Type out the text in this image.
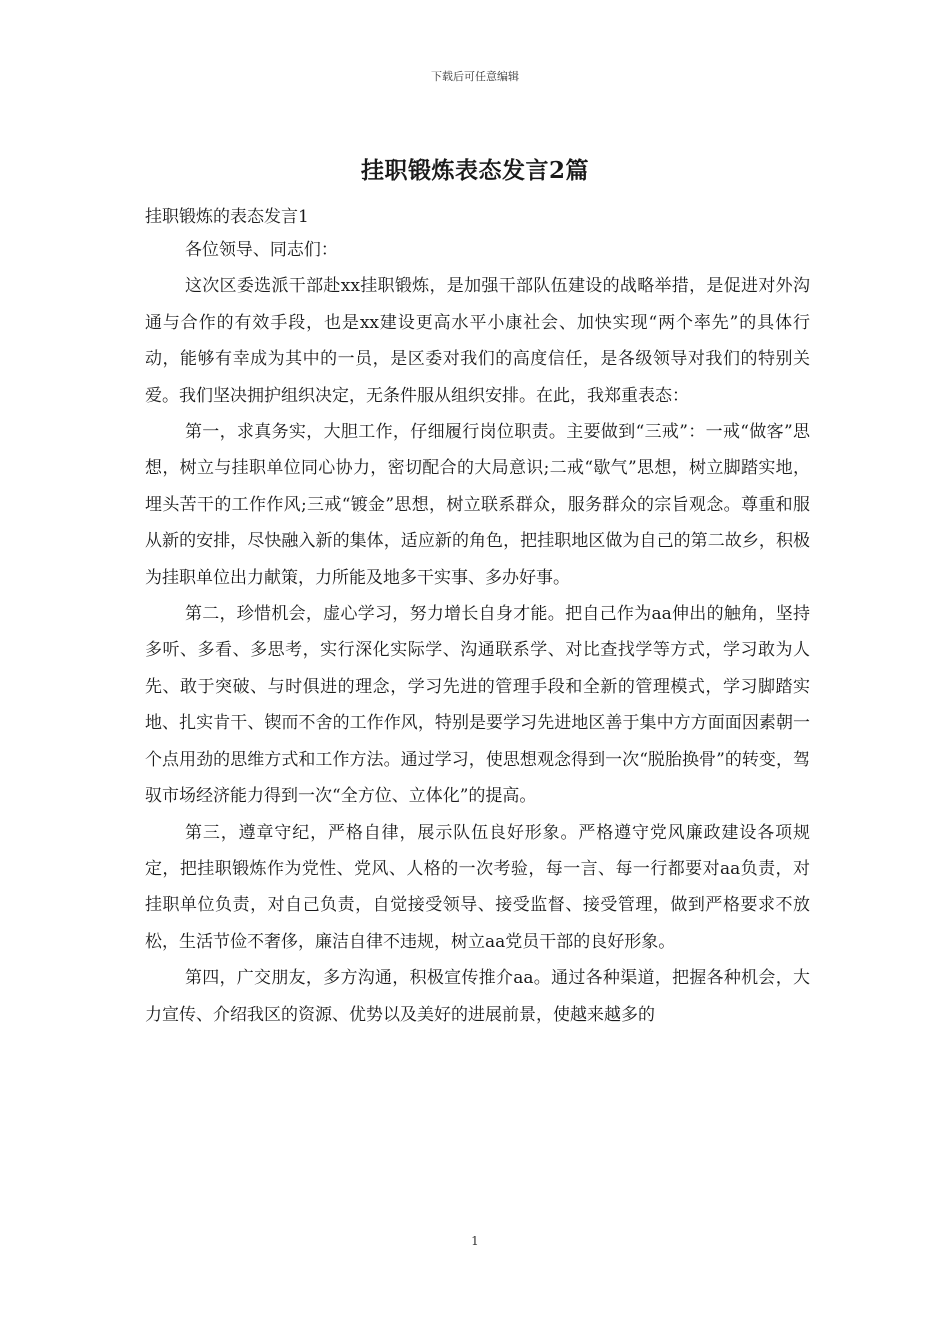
下载后可任意编辑
挂职锻炼表态发言2篇

挂职锻炼的表态发言1

各位领导、同志们：

这次区委选派干部赴xx挂职锻炼，是加强干部队伍建设的战略举措，是促进对外沟通与合作的有效手段，也是xx建设更高水平小康社会、加快实现“两个率先”的具体行动，能够有幸成为其中的一员，是区委对我们的高度信任，是各级领导对我们的特别关爱。我们坚决拥护组织决定，无条件服从组织安排。在此，我郑重表态：

第一，求真务实，大胆工作，仔细履行岗位职责。主要做到“三戒”：一戒“做客”思想，树立与挂职单位同心协力，密切配合的大局意识;二戒“歇气”思想，树立脚踏实地，埋头苦干的工作作风;三戒“镀金”思想，树立联系群众，服务群众的宗旨观念。尊重和服从新的安排，尽快融入新的集体，适应新的角色，把挂职地区做为自己的第二故乡，积极为挂职单位出力献策，力所能及地多干实事、多办好事。

第二，珍惜机会，虚心学习，努力增长自身才能。把自己作为aa伸出的触角，坚持多听、多看、多思考，实行深化实际学、沟通联系学、对比查找学等方式，学习敢为人先、敢于突破、与时俱进的理念，学习先进的管理手段和全新的管理模式，学习脚踏实地、扎实肯干、锲而不舍的工作作风，特别是要学习先进地区善于集中方方面面因素朝一个点用劲的思维方式和工作方法。通过学习，使思想观念得到一次“脱胎换骨”的转变，驾驭市场经济能力得到一次“全方位、立体化”的提高。

第三，遵章守纪，严格自律，展示队伍良好形象。严格遵守党风廉政建设各项规定，把挂职锻炼作为党性、党风、人格的一次考验，每一言、每一行都要对aa负责，对挂职单位负责，对自己负责，自觉接受领导、接受监督、接受管理，做到严格要求不放松，生活节俭不奢侈，廉洁自律不违规，树立aa党员干部的良好形象。

第四，广交朋友，多方沟通，积极宣传推介aa。通过各种渠道，把握各种机会，大力宣传、介绍我区的资源、优势以及美好的进展前景，使越来越多的

1
